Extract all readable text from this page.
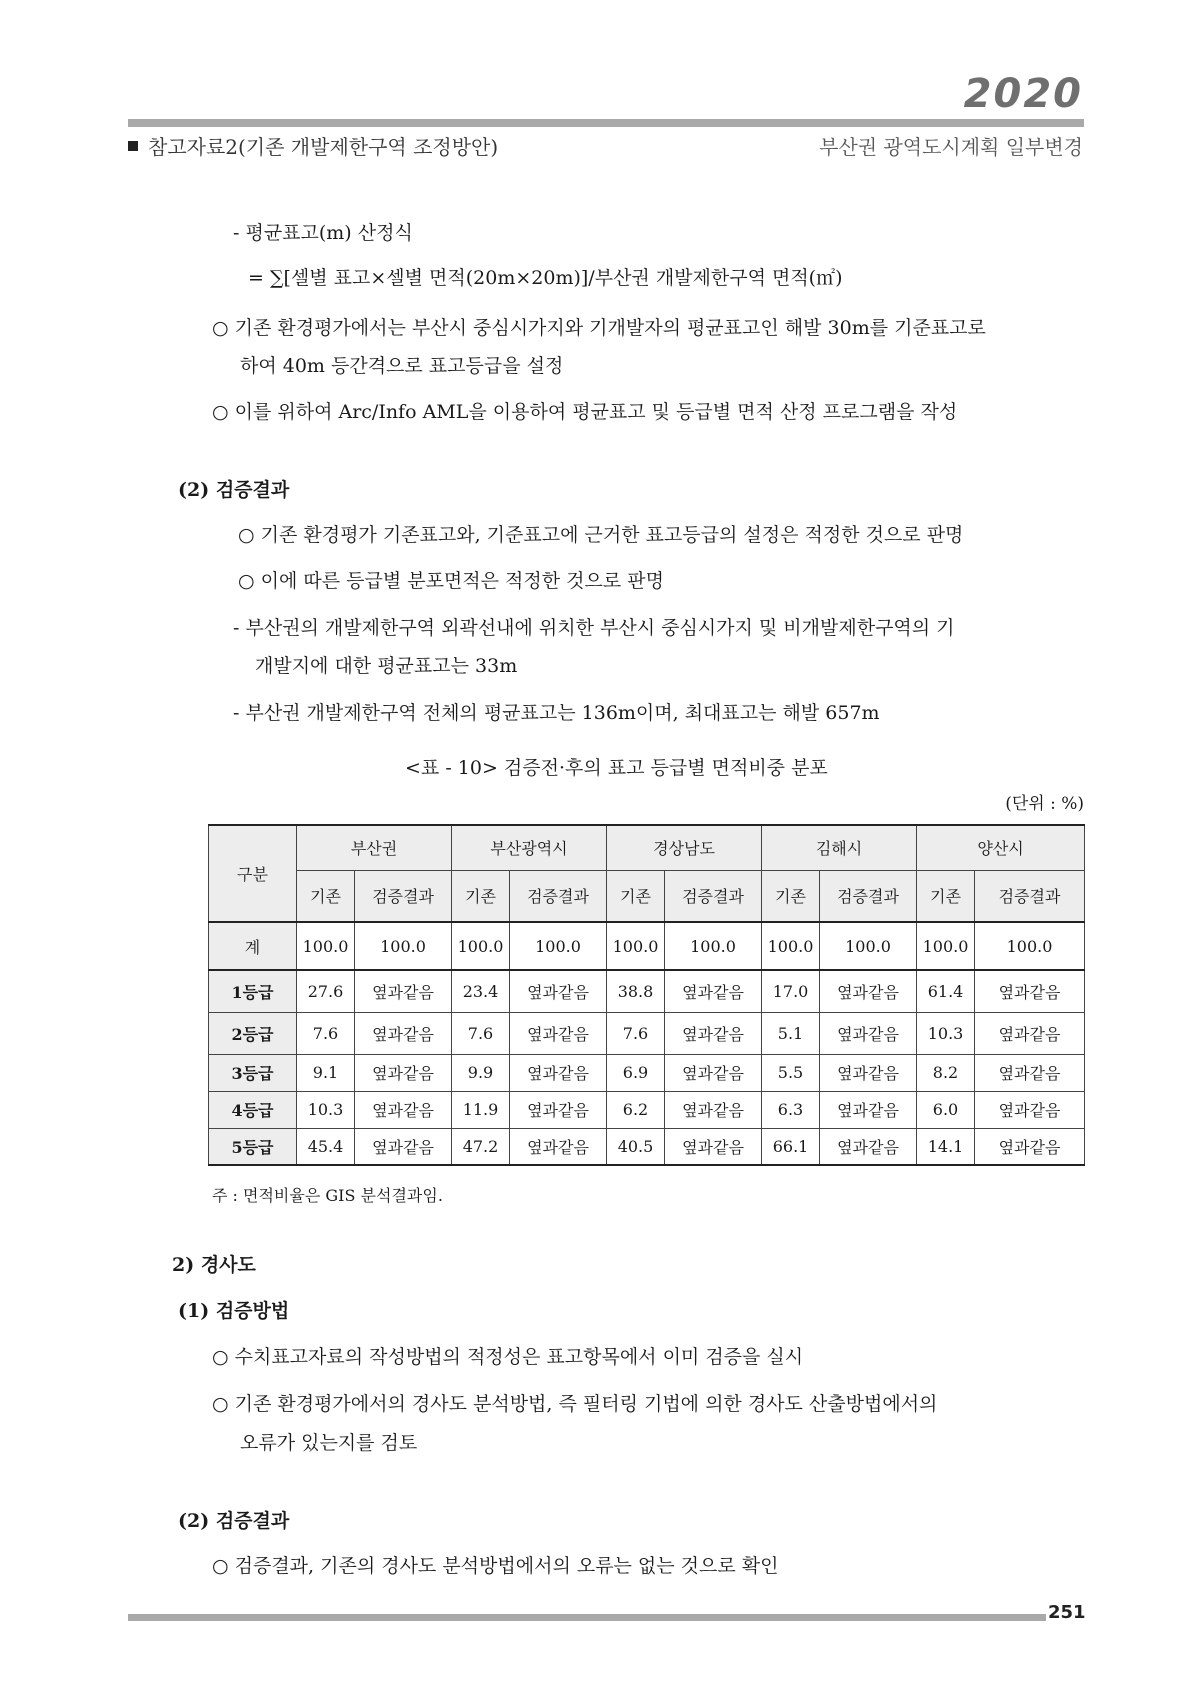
2020
참고자료2(기존 개발제한구역 조정방안)	부산권 광역도시계획 일부변경
- 평균표고(m) 산정식
= ∑[셀별 표고×셀별 면적(20m×20m)]/부산권 개발제한구역 면적(㎡)
○ 기존 환경평가에서는 부산시 중심시가지와 기개발자의 평균표고인 해발 30m를 기준표고로
하여 40m 등간격으로 표고등급을 설정
○ 이를 위하여 Arc/Info AML을 이용하여 평균표고 및 등급별 면적 산정 프로그램을 작성
(2) 검증결과
○ 기존 환경평가 기존표고와, 기준표고에 근거한 표고등급의 설정은 적정한 것으로 판명
○ 이에 따른 등급별 분포면적은 적정한 것으로 판명
- 부산권의 개발제한구역 외곽선내에 위치한 부산시 중심시가지 및 비개발제한구역의 기
개발지에 대한 평균표고는 33m
- 부산권 개발제한구역 전체의 평균표고는 136m이며, 최대표고는 해발 657m
<표 - 10> 검증전·후의 표고 등급별 면적비중 분포
(단위 : %)
구분	부산권		부산광역시		경상남도		김해시		양산시	
	기존	검증결과	기존	검증결과	기존	검증결과	기존	검증결과	기존	검증결과
계	100.0	100.0	100.0	100.0	100.0	100.0	100.0	100.0	100.0	100.0
1등급	27.6	옆과같음	23.4	옆과같음	38.8	옆과같음	17.0	옆과같음	61.4	옆과같음
2등급	7.6	옆과같음	7.6	옆과같음	7.6	옆과같음	5.1	옆과같음	10.3	옆과같음
3등급	9.1	옆과같음	9.9	옆과같음	6.9	옆과같음	5.5	옆과같음	8.2	옆과같음
4등급	10.3	옆과같음	11.9	옆과같음	6.2	옆과같음	6.3	옆과같음	6.0	옆과같음
5등급	45.4	옆과같음	47.2	옆과같음	40.5	옆과같음	66.1	옆과같음	14.1	옆과같음
주 : 면적비율은 GIS 분석결과임.
2) 경사도
(1) 검증방법
○ 수치표고자료의 작성방법의 적정성은 표고항목에서 이미 검증을 실시
○ 기존 환경평가에서의 경사도 분석방법, 즉 필터링 기법에 의한 경사도 산출방법에서의
오류가 있는지를 검토
(2) 검증결과
○ 검증결과, 기존의 경사도 분석방법에서의 오류는 없는 것으로 확인
251
